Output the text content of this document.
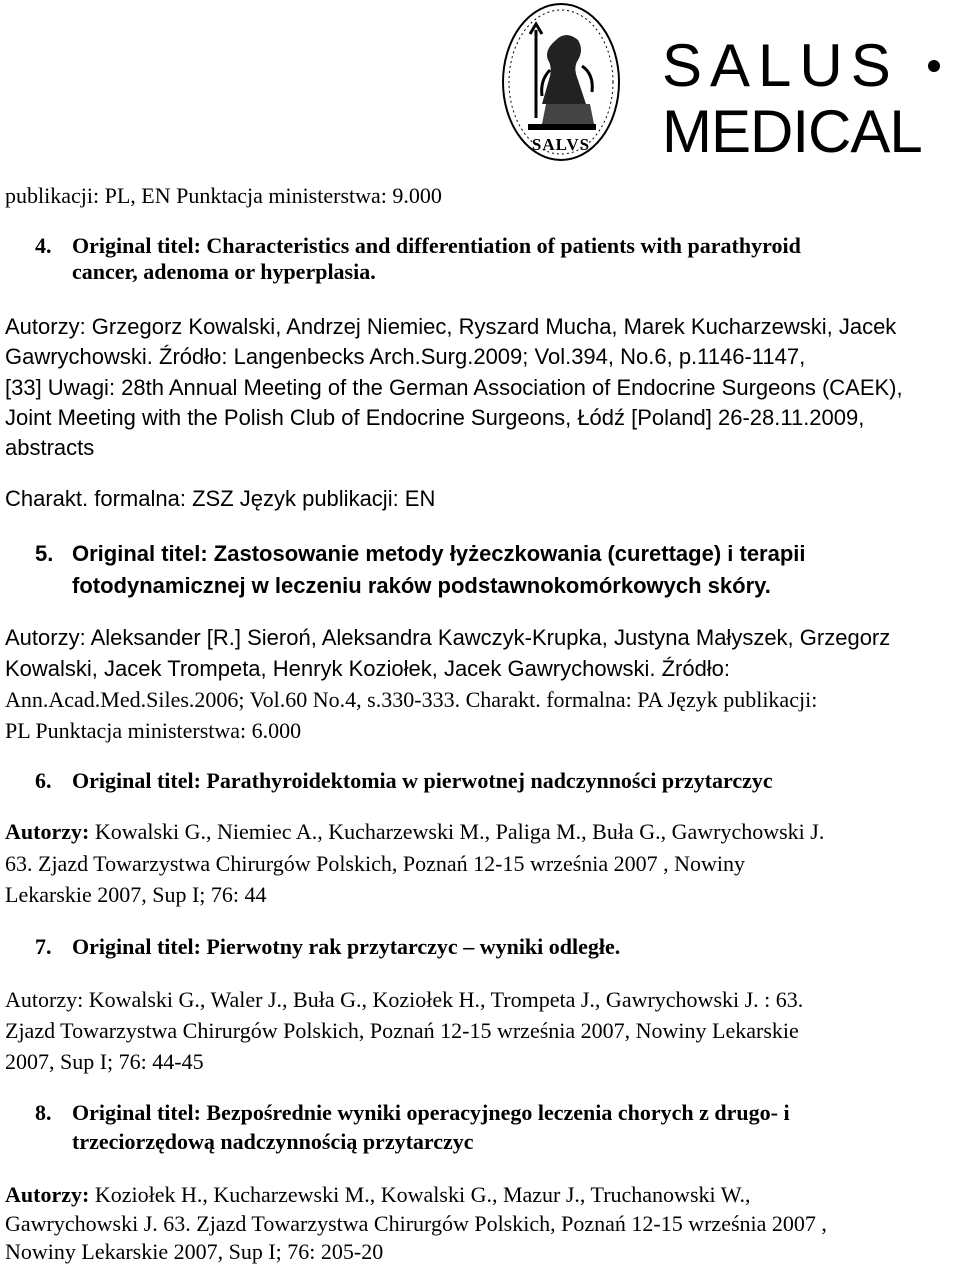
SALVS
SALUS
MEDICAL
publikacji: PL, EN Punktacja ministerstwa: 9.000
4. Original titel: Characteristics and differentiation of patients with parathyroid
cancer, adenoma or hyperplasia.
Autorzy: Grzegorz Kowalski, Andrzej Niemiec, Ryszard Mucha, Marek Kucharzewski, Jacek
Gawrychowski. Źródło: Langenbecks Arch.Surg.2009; Vol.394, No.6, p.1146-1147,
[33] Uwagi: 28th Annual Meeting of the German Association of Endocrine Surgeons (CAEK),
Joint Meeting with the Polish Club of Endocrine Surgeons, Łódź [Poland] 26-28.11.2009,
abstracts
Charakt. formalna: ZSZ Język publikacji: EN
5. Original titel: Zastosowanie metody łyżeczkowania (curettage) i terapii
fotodynamicznej w leczeniu raków podstawnokomórkowych skóry.
Autorzy: Aleksander [R.] Sieroń, Aleksandra Kawczyk-Krupka, Justyna Małyszek, Grzegorz
Kowalski, Jacek Trompeta, Henryk Koziołek, Jacek Gawrychowski. Źródło:
Ann.Acad.Med.Siles.2006; Vol.60 No.4, s.330-333. Charakt. formalna: PA Język publikacji:
PL Punktacja ministerstwa: 6.000
6. Original titel: Parathyroidektomia w pierwotnej nadczynności przytarczyc
Autorzy: Kowalski G., Niemiec A., Kucharzewski M., Paliga M., Buła G., Gawrychowski J.
63. Zjazd Towarzystwa Chirurgów Polskich, Poznań 12-15 września 2007 , Nowiny
Lekarskie 2007, Sup I; 76: 44
7. Original titel: Pierwotny rak przytarczyc – wyniki odległe.
Autorzy: Kowalski G., Waler J., Buła G., Koziołek H., Trompeta J., Gawrychowski J. : 63.
Zjazd Towarzystwa Chirurgów Polskich, Poznań 12-15 września 2007, Nowiny Lekarskie
2007, Sup I; 76: 44-45
8. Original titel: Bezpośrednie wyniki operacyjnego leczenia chorych z drugo- i
trzeciorzędową nadczynnością przytarczyc
Autorzy: Koziołek H., Kucharzewski M., Kowalski G., Mazur J., Truchanowski W.,
Gawrychowski J. 63. Zjazd Towarzystwa Chirurgów Polskich, Poznań 12-15 września 2007 ,
Nowiny Lekarskie 2007, Sup I; 76: 205-20
